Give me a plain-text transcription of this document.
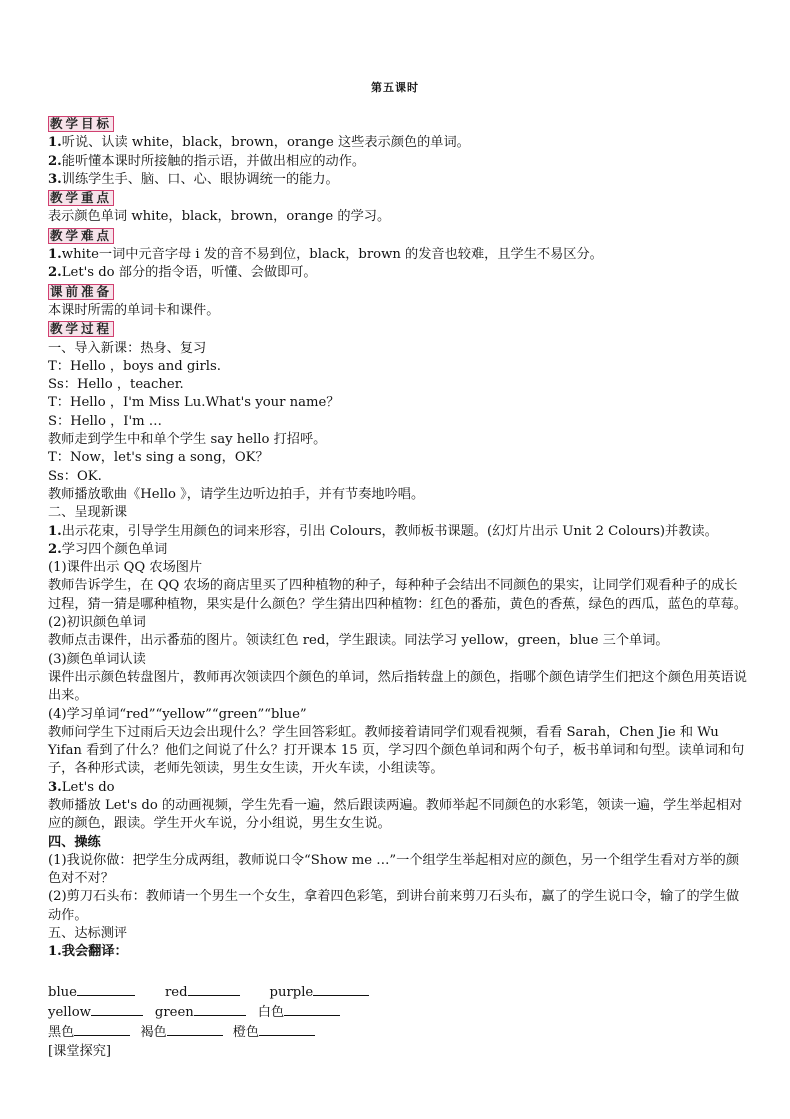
第五课时
教学目标

1.听说、认读 white，black，brown，orange 这些表示颜色的单词。

2.能听懂本课时所接触的指示语，并做出相应的动作。

3.训练学生手、脑、口、心、眼协调统一的能力。

教学重点

表示颜色单词 white，black，brown，orange 的学习。

教学难点

1.white一词中元音字母 i 发的音不易到位，black，brown 的发音也较难，且学生不易区分。

2.Let's do 部分的指令语，听懂、会做即可。

课前准备

本课时所需的单词卡和课件。

教学过程

一、导入新课：热身、复习

T：Hello ，boys and girls.

Ss：Hello ，teacher.

T：Hello ，I'm Miss Lu.What's your name？

S：Hello ，I'm …

教师走到学生中和单个学生 say hello 打招呼。

T：Now，let's sing a song，OK？

Ss：OK.

教师播放歌曲《Hello 》，请学生边听边拍手，并有节奏地吟唱。

二、呈现新课

1.出示花束，引导学生用颜色的词来形容，引出 Colours，教师板书课题。(幻灯片出示 Unit 2 Colours)并教读。

2.学习四个颜色单词

(1)课件出示 QQ 农场图片

教师告诉学生，在 QQ 农场的商店里买了四种植物的种子，每种种子会结出不同颜色的果实，让同学们观看种子的成长过程，猜一猜是哪种植物，果实是什么颜色？学生猜出四种植物：红色的番茄，黄色的香蕉，绿色的西瓜，蓝色的草莓。

(2)初识颜色单词

教师点击课件，出示番茄的图片。领读红色 red，学生跟读。同法学习 yellow，green，blue 三个单词。

(3)颜色单词认读

课件出示颜色转盘图片，教师再次领读四个颜色的单词，然后指转盘上的颜色，指哪个颜色请学生们把这个颜色用英语说出来。

(4)学习单词“red”“yellow”“green”“blue”

教师问学生下过雨后天边会出现什么？学生回答彩虹。教师接着请同学们观看视频，看看 Sarah，Chen Jie 和 Wu Yifan 看到了什么？他们之间说了什么？打开课本 15 页，学习四个颜色单词和两个句子，板书单词和句型。读单词和句子，各种形式读，老师先领读，男生女生读，开火车读，小组读等。

3.Let's do

教师播放 Let's do 的动画视频，学生先看一遍，然后跟读两遍。教师举起不同颜色的水彩笔，领读一遍，学生举起相对应的颜色，跟读。学生开火车说，分小组说，男生女生说。

四、操练

(1)我说你做：把学生分成两组，教师说口令“Show me …”一个组学生举起相对应的颜色，另一个组学生看对方举的颜色对不对？

(2)剪刀石头布：教师请一个男生一个女生，拿着四色彩笔，到讲台前来剪刀石头布，赢了的学生说口令，输了的学生做动作。

五、达标测评

1.我会翻译：

blue	red	purple
yellow	green	白色
黑色	褐色	橙色

[课堂探究]
